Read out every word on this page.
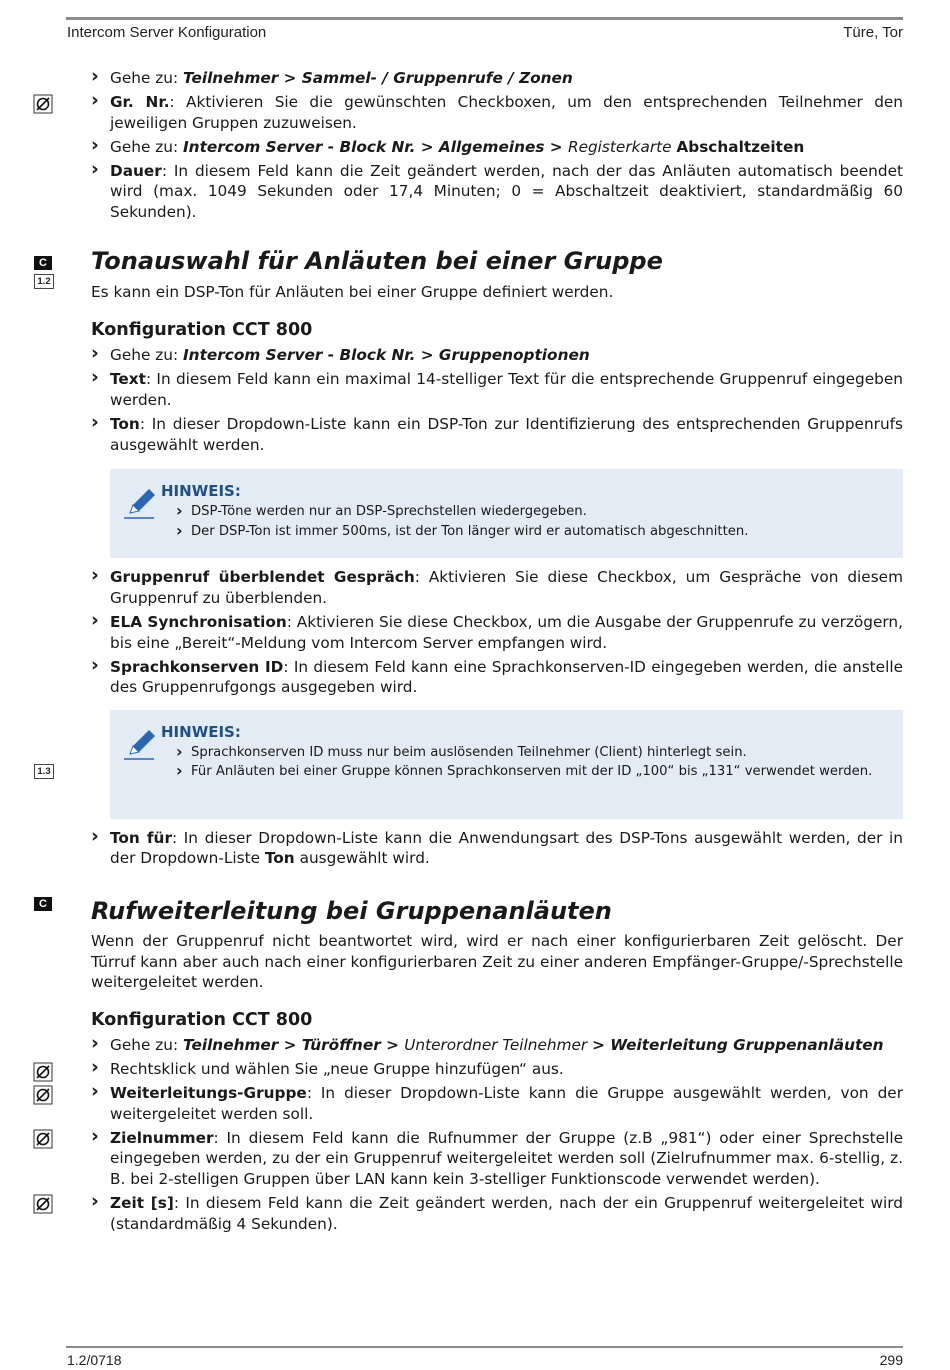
Intercom Server Konfiguration	Türe, Tor
C
1.2
1.3
C
› Gehe zu: Teilnehmer > Sammel- / Gruppenrufe / Zonen
› Gr. Nr.: Aktivieren Sie die gewünschten Checkboxen, um den entsprechenden Teilnehmer den jeweiligen Gruppen zuzuweisen.
› Gehe zu: Intercom Server - Block Nr. > Allgemeines > Registerkarte Abschaltzeiten
› Dauer: In diesem Feld kann die Zeit geändert werden, nach der das Anläuten automatisch beendet wird (max. 1049 Sekunden oder 17,4 Minuten; 0 = Abschaltzeit deaktiviert, standardmäßig 60 Sekunden).
Tonauswahl für Anläuten bei einer Gruppe

Es kann ein DSP-Ton für Anläuten bei einer Gruppe definiert werden.

Konfiguration CCT 800
› Gehe zu: Intercom Server - Block Nr. > Gruppenoptionen
› Text: In diesem Feld kann ein maximal 14-stelliger Text für die entsprechende Gruppenruf eingegeben werden.
› Ton: In dieser Dropdown-Liste kann ein DSP-Ton zur Identifizierung des entsprechenden Gruppenrufs ausgewählt werden.
HINWEIS:
› DSP-Töne werden nur an DSP-Sprechstellen wiedergegeben.
› Der DSP-Ton ist immer 500ms, ist der Ton länger wird er automatisch abgeschnitten.
› Gruppenruf überblendet Gespräch: Aktivieren Sie diese Checkbox, um Gespräche von diesem Gruppenruf zu überblenden.
› ELA Synchronisation: Aktivieren Sie diese Checkbox, um die Ausgabe der Gruppenrufe zu verzögern, bis eine „Bereit“-Meldung vom Intercom Server empfangen wird.
› Sprachkonserven ID: In diesem Feld kann eine Sprachkonserven-ID eingegeben werden, die anstelle des Gruppenrufgongs ausgegeben wird.
HINWEIS:
› Sprachkonserven ID muss nur beim auslösenden Teilnehmer (Client) hinterlegt sein.
› Für Anläuten bei einer Gruppe können Sprachkonserven mit der ID „100“ bis „131“ verwendet werden.
› Ton für: In dieser Dropdown-Liste kann die Anwendungsart des DSP-Tons ausgewählt werden, der in der Dropdown-Liste Ton ausgewählt wird.
Rufweiterleitung bei Gruppenanläuten

Wenn der Gruppenruf nicht beantwortet wird, wird er nach einer konfigurierbaren Zeit gelöscht. Der Türruf kann aber auch nach einer konfigurierbaren Zeit zu einer anderen Empfänger-Gruppe/-Sprechstelle weitergeleitet werden.

Konfiguration CCT 800
› Gehe zu: Teilnehmer > Türöffner > Unterordner Teilnehmer > Weiterleitung Gruppenanläuten
› Rechtsklick und wählen Sie „neue Gruppe hinzufügen“ aus.
› Weiterleitungs-Gruppe: In dieser Dropdown-Liste kann die Gruppe ausgewählt werden, von der weitergeleitet werden soll.
› Zielnummer: In diesem Feld kann die Rufnummer der Gruppe (z.B „981“) oder einer Sprechstelle eingegeben werden, zu der ein Gruppenruf weitergeleitet werden soll (Zielrufnummer max. 6-stellig, z. B. bei 2-stelligen Gruppen über LAN kann kein 3-stelliger Funktionscode verwendet werden).
› Zeit [s]: In diesem Feld kann die Zeit geändert werden, nach der ein Gruppenruf weitergeleitet wird (standardmäßig 4 Sekunden).
1.2/0718	299
